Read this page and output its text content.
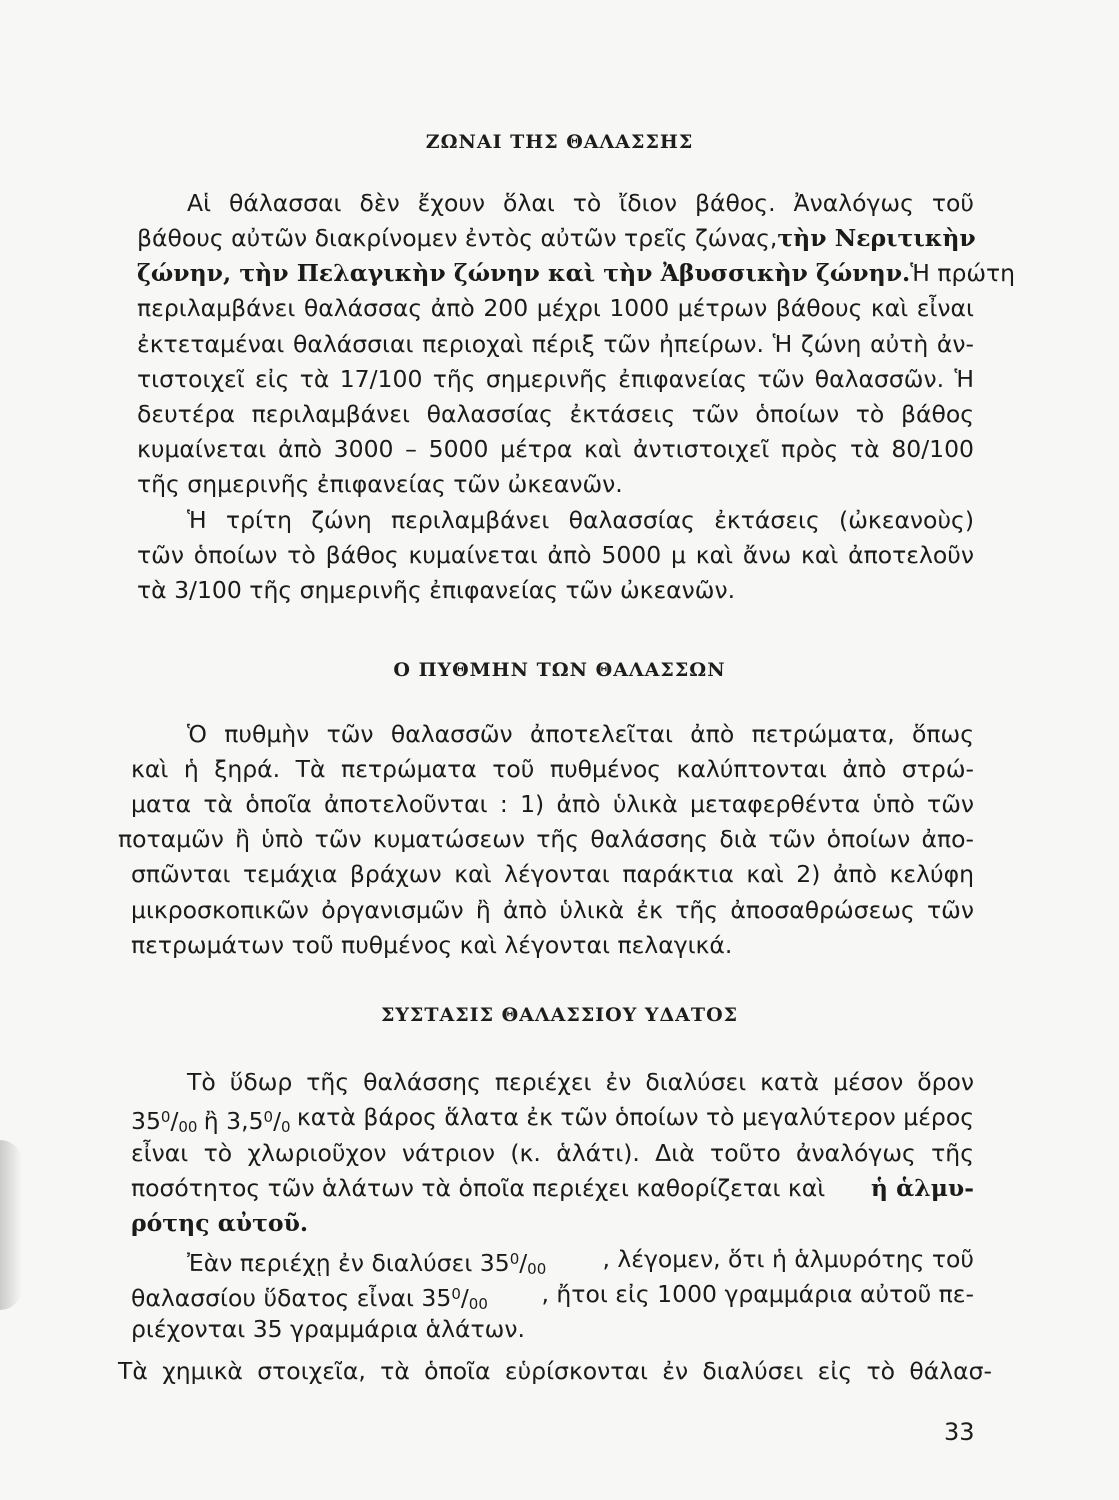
ΖΩΝΑΙ ΤΗΣ ΘΑΛΑΣΣΗΣ
Αἱ θάλασσαι δὲν ἔχουν ὅλαι τὸ ἴδιον βάθος. Ἀναλόγως τοῦ
βάθους αὐτῶν διακρίνομεν ἐντὸς αὐτῶν τρεῖς ζώνας, τὴν Νεριτικὴν
ζώνην, τὴν Πελαγικὴν ζώνην καὶ τὴν Ἀβυσσικὴν ζώνην. Ἡ πρώτη
περιλαμβάνει θαλάσσας ἀπὸ 200 μέχρι 1000 μέτρων βάθους καὶ εἶναι
ἐκτεταμέναι θαλάσσιαι περιοχαὶ πέριξ τῶν ἠπείρων. Ἡ ζώνη αὐτὴ ἀν-
τιστοιχεῖ εἰς τὰ 17/100 τῆς σημερινῆς ἐπιφανείας τῶν θαλασσῶν. Ἡ
δευτέρα περιλαμβάνει θαλασσίας ἐκτάσεις τῶν ὁποίων τὸ βάθος
κυμαίνεται ἀπὸ 3000 – 5000 μέτρα καὶ ἀντιστοιχεῖ πρὸς τὰ 80/100
τῆς σημερινῆς ἐπιφανείας τῶν ὠκεανῶν.
Ἡ τρίτη ζώνη περιλαμβάνει θαλασσίας ἐκτάσεις (ὠκεανοὺς)
τῶν ὁποίων τὸ βάθος κυμαίνεται ἀπὸ 5000 μ καὶ ἄνω καὶ ἀποτελοῦν
τὰ 3/100 τῆς σημερινῆς ἐπιφανείας τῶν ὠκεανῶν.
Ο ΠΥΘΜΗΝ ΤΩΝ ΘΑΛΑΣΣΩΝ
Ὁ πυθμὴν τῶν θαλασσῶν ἀποτελεῖται ἀπὸ πετρώματα, ὅπως
καὶ ἡ ξηρά. Τὰ πετρώματα τοῦ πυθμένος καλύπτονται ἀπὸ στρώ-
ματα τὰ ὁποῖα ἀποτελοῦνται : 1) ἀπὸ ὑλικὰ μεταφερθέντα ὑπὸ τῶν
ποταμῶν ἢ ὑπὸ τῶν κυματώσεων τῆς θαλάσσης διὰ τῶν ὁποίων ἀπο-
σπῶνται τεμάχια βράχων καὶ λέγονται παράκτια καὶ 2) ἀπὸ κελύφη
μικροσκοπικῶν ὀργανισμῶν ἢ ἀπὸ ὑλικὰ ἐκ τῆς ἀποσαθρώσεως τῶν
πετρωμάτων τοῦ πυθμένος καὶ λέγονται πελαγικά.
ΣΥΣΤΑΣΙΣ ΘΑΛΑΣΣΙΟΥ ΥΔΑΤΟΣ
Τὸ ὕδωρ τῆς θαλάσσης περιέχει ἐν διαλύσει κατὰ μέσον ὅρον
$35^0/_{00}$ ἢ $3,5^0/_0$ κατὰ βάρος ἅλατα ἐκ τῶν ὁποίων τὸ μεγαλύτερον μέρος
εἶναι τὸ χλωριοῦχον νάτριον (κ. ἁλάτι). Διὰ τοῦτο ἀναλόγως τῆς
ποσότητος τῶν ἁλάτων τὰ ὁποῖα περιέχει καθορίζεται καὶ ἡ ἁλμυ-
ρότης αὐτοῦ.
Ἐὰν περιέχῃ ἐν διαλύσει $35^0/_{00}$ , λέγομεν, ὅτι ἡ ἁλμυρότης τοῦ
θαλασσίου ὕδατος εἶναι $35^0/_{00}$ , ἤτοι εἰς 1000 γραμμάρια αὐτοῦ πε-
ριέχονται 35 γραμμάρια ἁλάτων.
Τὰ χημικὰ στοιχεῖα, τὰ ὁποῖα εὑρίσκονται ἐν διαλύσει εἰς τὸ θάλασ-
33
